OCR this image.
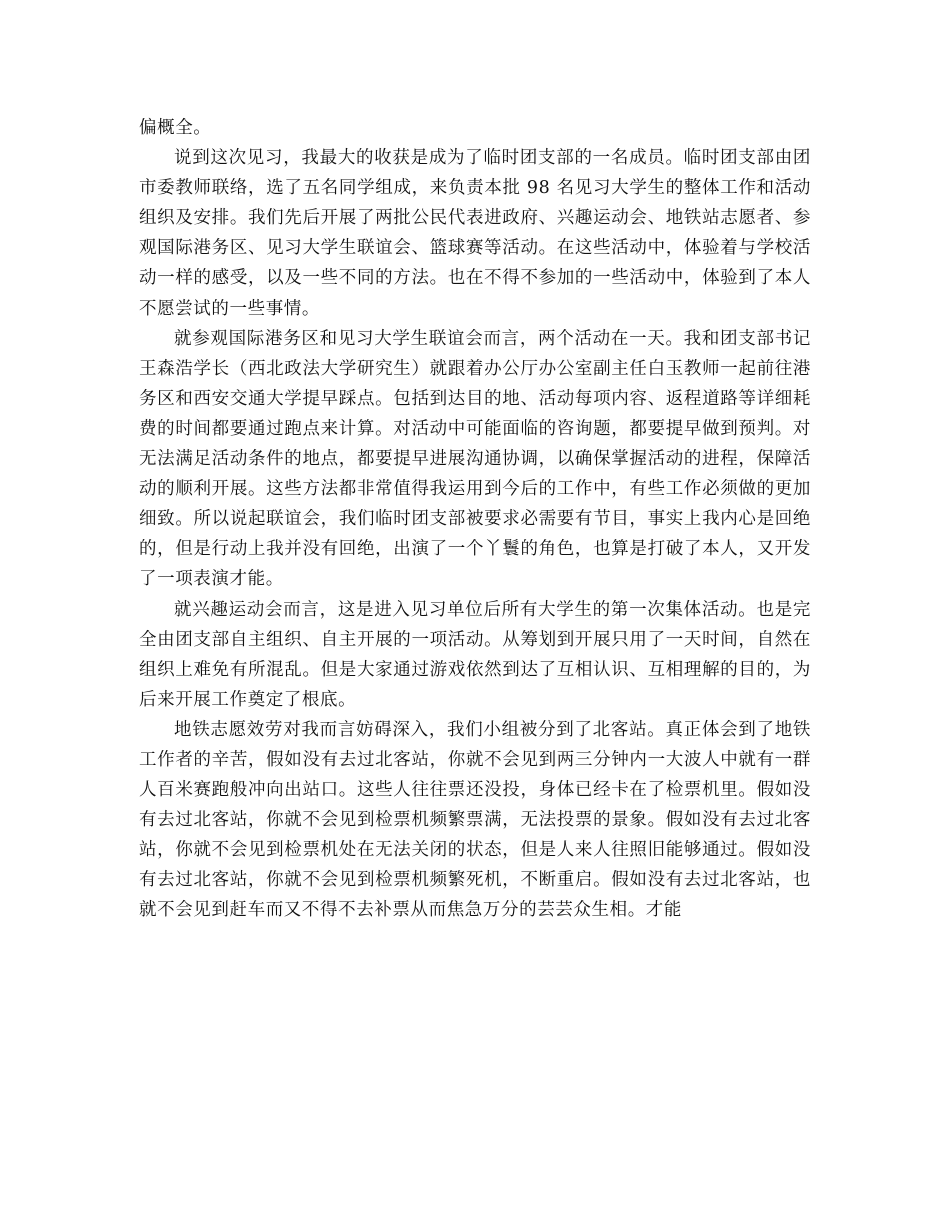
偏概全。

说到这次见习，我最大的收获是成为了临时团支部的一名成员。临时团支部由团市委教师联络，选了五名同学组成，来负责本批 98 名见习大学生的整体工作和活动组织及安排。我们先后开展了两批公民代表进政府、兴趣运动会、地铁站志愿者、参观国际港务区、见习大学生联谊会、篮球赛等活动。在这些活动中，体验着与学校活动一样的感受，以及一些不同的方法。也在不得不参加的一些活动中，体验到了本人不愿尝试的一些事情。

就参观国际港务区和见习大学生联谊会而言，两个活动在一天。我和团支部书记王森浩学长（西北政法大学研究生）就跟着办公厅办公室副主任白玉教师一起前往港务区和西安交通大学提早踩点。包括到达目的地、活动每项内容、返程道路等详细耗费的时间都要通过跑点来计算。对活动中可能面临的咨询题，都要提早做到预判。对无法满足活动条件的地点，都要提早进展沟通协调，以确保掌握活动的进程，保障活动的顺利开展。这些方法都非常值得我运用到今后的工作中，有些工作必须做的更加细致。所以说起联谊会，我们临时团支部被要求必需要有节目，事实上我内心是回绝的，但是行动上我并没有回绝，出演了一个丫鬟的角色，也算是打破了本人，又开发了一项表演才能。

就兴趣运动会而言，这是进入见习单位后所有大学生的第一次集体活动。也是完全由团支部自主组织、自主开展的一项活动。从筹划到开展只用了一天时间，自然在组织上难免有所混乱。但是大家通过游戏依然到达了互相认识、互相理解的目的，为后来开展工作奠定了根底。

地铁志愿效劳对我而言妨碍深入，我们小组被分到了北客站。真正体会到了地铁工作者的辛苦，假如没有去过北客站，你就不会见到两三分钟内一大波人中就有一群人百米赛跑般冲向出站口。这些人往往票还没投，身体已经卡在了检票机里。假如没有去过北客站，你就不会见到检票机频繁票满，无法投票的景象。假如没有去过北客站，你就不会见到检票机处在无法关闭的状态，但是人来人往照旧能够通过。假如没有去过北客站，你就不会见到检票机频繁死机，不断重启。假如没有去过北客站，也就不会见到赶车而又不得不去补票从而焦急万分的芸芸众生相。才能
